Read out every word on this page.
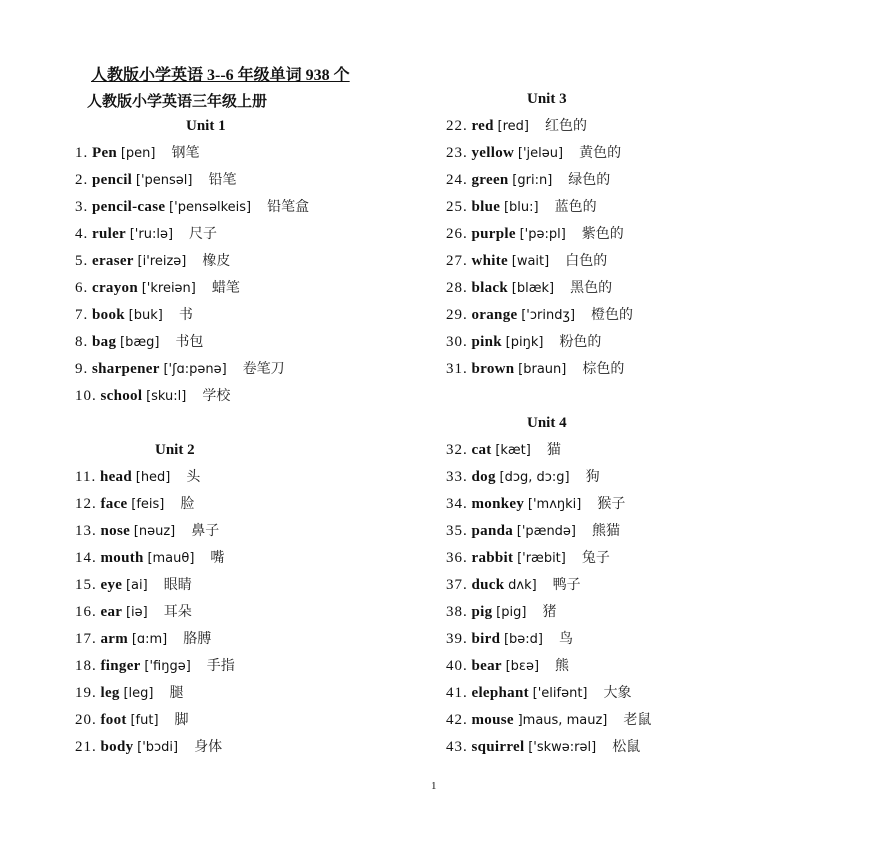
人教版小学英语 3--6 年级单词 938 个
人教版小学英语三年级上册
Unit 1
1. Pen [pen] 钢笔
2. pencil ['pensəl] 铅笔
3. pencil-case ['pensəlkeis] 铅笔盒
4. ruler ['ru:lə] 尺子
5. eraser [i'reizə] 橡皮
6. crayon ['kreiən] 蜡笔
7. book [buk] 书
8. bag [bæg] 书包
9. sharpener ['ʃɑ:pənə] 卷笔刀
10. school [sku:l] 学校
Unit 2
11. head [hed] 头
12. face [feis] 脸
13. nose [nəuz] 鼻子
14. mouth [mauθ] 嘴
15. eye [ai] 眼睛
16. ear [iə] 耳朵
17. arm [ɑ:m] 胳膊
18. finger ['fiŋgə] 手指
19. leg [leg] 腿
20. foot [fut] 脚
21. body ['bɔdi] 身体
Unit 3
22. red [red] 红色的
23. yellow ['jeləu] 黄色的
24. green [gri:n] 绿色的
25. blue [blu:] 蓝色的
26. purple ['pə:pl] 紫色的
27. white [wait] 白色的
28. black [blæk] 黑色的
29. orange ['ɔrindʒ] 橙色的
30. pink [piŋk] 粉色的
31. brown [braun] 棕色的
Unit 4
32. cat [kæt] 猫
33. dog [dɔg, dɔ:g] 狗
34. monkey ['mʌŋki] 猴子
35. panda ['pændə] 熊猫
36. rabbit ['ræbit] 兔子
37. duck dʌk] 鸭子
38. pig [pig] 猪
39. bird [bə:d] 鸟
40. bear [bɛə] 熊
41. elephant ['elifənt] 大象
42. mouse ]maus, mauz] 老鼠
43. squirrel ['skwə:rəl] 松鼠
1
